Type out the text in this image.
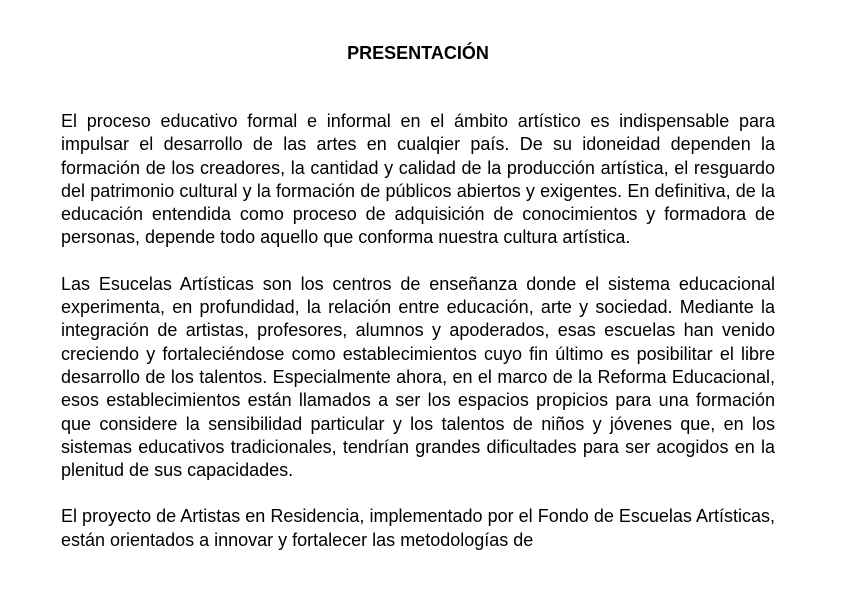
PRESENTACIÓN

El proceso educativo formal e informal en el ámbito artístico es indispensable para impulsar el desarrollo de las artes en cualqier país. De su idoneidad dependen la formación de los creadores, la cantidad y calidad de la producción artística, el resguardo del patrimonio cultural y la formación de públicos abiertos y exigentes. En definitiva, de la educación entendida como proceso de adquisición de conocimientos y formadora de personas, depende todo aquello que conforma nuestra cultura artística.

Las Esucelas Artísticas son los centros de enseñanza donde el sistema educacional experimenta, en profundidad, la relación entre educación, arte y sociedad. Mediante la integración de artistas, profesores, alumnos y apoderados, esas escuelas han venido creciendo y fortaleciéndose como establecimientos cuyo fin último es posibilitar el libre desarrollo de los talentos. Especialmente ahora, en el marco de la Reforma Educacional, esos establecimientos están llamados a ser los espacios propicios para una formación que considere la sensibilidad particular y los talentos de niños y jóvenes que, en los sistemas educativos tradicionales, tendrían grandes dificultades para ser acogidos en la plenitud de sus capacidades.

El proyecto de Artistas en Residencia, implementado por el Fondo de Escuelas Artísticas, están orientados a innovar y fortalecer las metodologías de
